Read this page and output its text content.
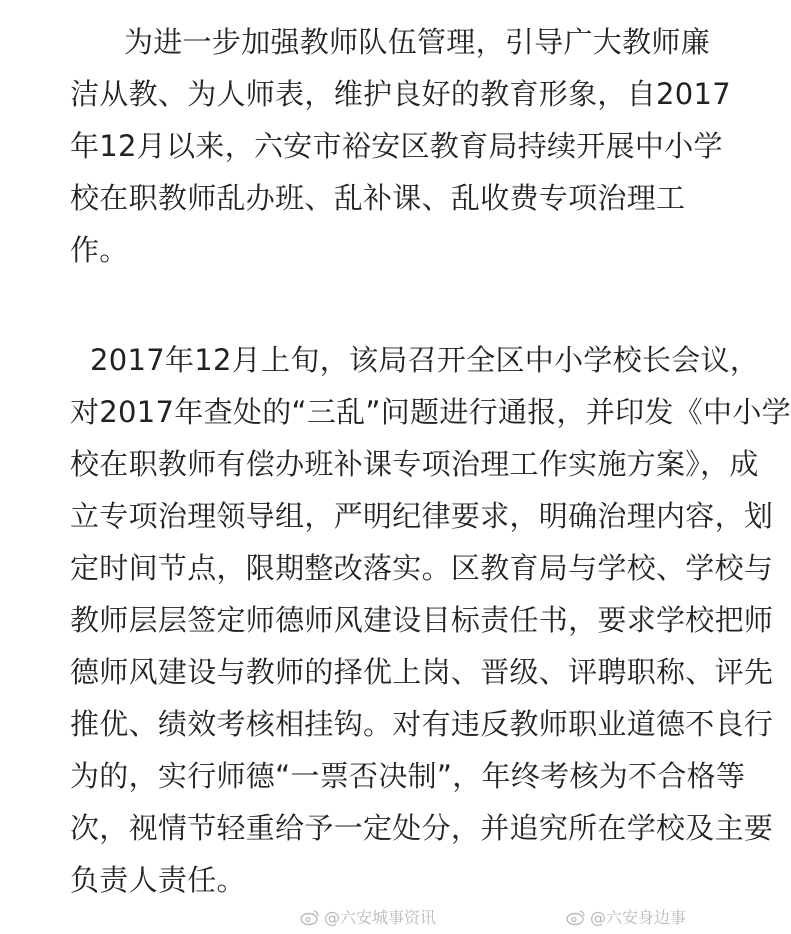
为进一步加强教师队伍管理，引导广大教师廉
洁从教、为人师表，维护良好的教育形象，自2017
年12月以来，六安市裕安区教育局持续开展中小学
校在职教师乱办班、乱补课、乱收费专项治理工
作。
2017年12月上旬，该局召开全区中小学校长会议，
对2017年查处的“三乱”问题进行通报，并印发《中小学
校在职教师有偿办班补课专项治理工作实施方案》，成
立专项治理领导组，严明纪律要求，明确治理内容，划
定时间节点，限期整改落实。区教育局与学校、学校与
教师层层签定师德师风建设目标责任书，要求学校把师
德师风建设与教师的择优上岗、晋级、评聘职称、评先
推优、绩效考核相挂钩。对有违反教师职业道德不良行
为的，实行师德“一票否决制”，年终考核为不合格等
次，视情节轻重给予一定处分，并追究所在学校及主要
负责人责任。
@六安城事资讯	@六安身边事
